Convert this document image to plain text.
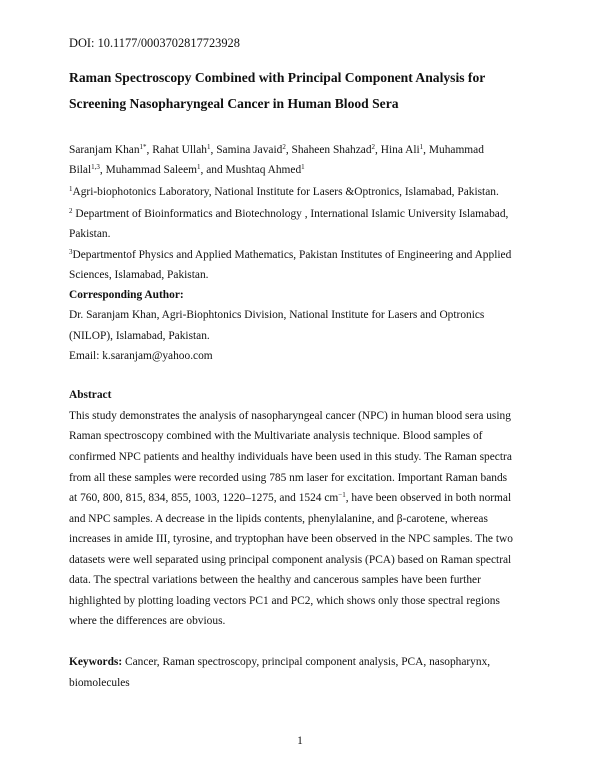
DOI: 10.1177/0003702817723928
Raman Spectroscopy Combined with Principal Component Analysis for
Screening Nasopharyngeal Cancer in Human Blood Sera
Saranjam Khan$^{1*}$, Rahat Ullah$^1$, Samina Javaid$^2$, Shaheen Shahzad$^2$, Hina Ali$^1$, Muhammad
Bilal$^{1,3}$, Muhammad Saleem$^1$, and Mushtaq Ahmed$^1$
$^1$Agri-biophotonics Laboratory, National Institute for Lasers &Optronics, Islamabad, Pakistan.
$^2$ Department of Bioinformatics and Biotechnology , International Islamic University Islamabad,
Pakistan.
$^3$Departmentof Physics and Applied Mathematics, Pakistan Institutes of Engineering and Applied
Sciences, Islamabad, Pakistan.
Corresponding Author:
Dr. Saranjam Khan, Agri-Biophtonics Division, National Institute for Lasers and Optronics
(NILOP), Islamabad, Pakistan.
Email: k.saranjam@yahoo.com
Abstract
This study demonstrates the analysis of nasopharyngeal cancer (NPC) in human blood sera using
Raman spectroscopy combined with the Multivariate analysis technique. Blood samples of
confirmed NPC patients and healthy individuals have been used in this study. The Raman spectra
from all these samples were recorded using 785 nm laser for excitation. Important Raman bands
at 760, 800, 815, 834, 855, 1003, 1220–1275, and 1524 $cm^{-1}$, have been observed in both normal
and NPC samples. A decrease in the lipids contents, phenylalanine, and β-carotene, whereas
increases in amide III, tyrosine, and tryptophan have been observed in the NPC samples. The two
datasets were well separated using principal component analysis (PCA) based on Raman spectral
data. The spectral variations between the healthy and cancerous samples have been further
highlighted by plotting loading vectors PC1 and PC2, which shows only those spectral regions
where the differences are obvious.
Keywords: Cancer, Raman spectroscopy, principal component analysis, PCA, nasopharynx,
biomolecules
1
